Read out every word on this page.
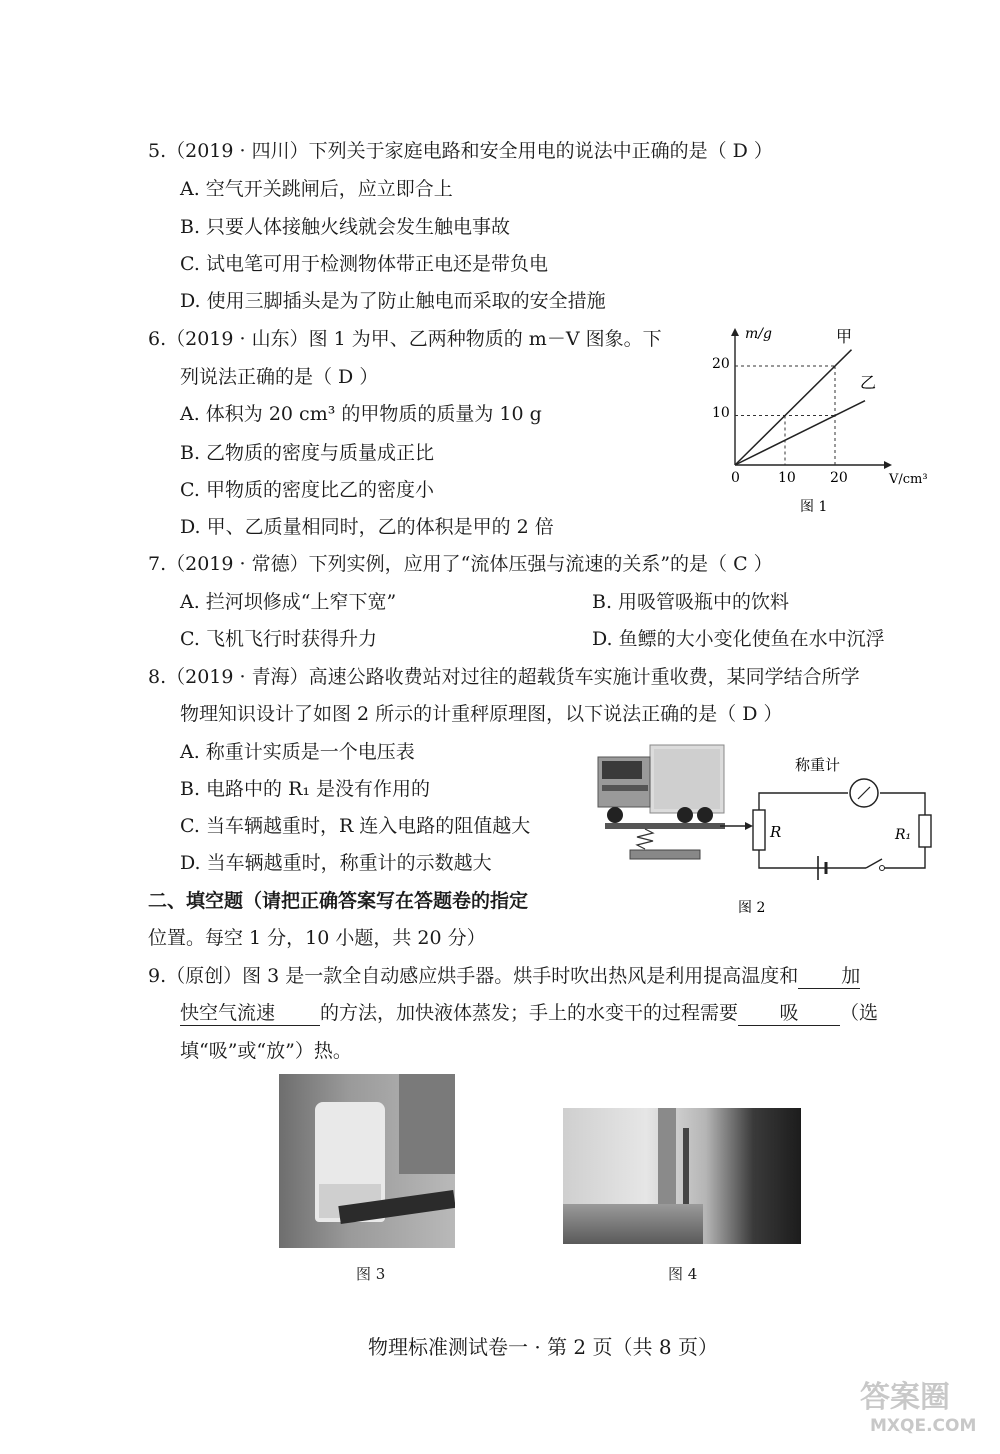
5.（2019 · 四川）下列关于家庭电路和安全用电的说法中正确的是（ D ）
A. 空气开关跳闸后，应立即合上
B. 只要人体接触火线就会发生触电事故
C. 试电笔可用于检测物体带正电还是带负电
D. 使用三脚插头是为了防止触电而采取的安全措施
6.（2019 · 山东）图 1 为甲、乙两种物质的 m－V 图象。下
列说法正确的是（ D ）
A. 体积为 20 cm³ 的甲物质的质量为 10 g
B. 乙物质的密度与质量成正比
C. 甲物质的密度比乙的密度小
D. 甲、乙质量相同时，乙的体积是甲的 2 倍
m/g
V/cm³
0	10 20
10
20
甲
乙
图 1
7.（2019 · 常德）下列实例，应用了“流体压强与流速的关系”的是（ C ）
A. 拦河坝修成“上窄下宽”	B. 用吸管吸瓶中的饮料
C. 飞机飞行时获得升力	D. 鱼鳔的大小变化使鱼在水中沉浮
8.（2019 · 青海）高速公路收费站对过往的超载货车实施计重收费，某同学结合所学
物理知识设计了如图 2 所示的计重秤原理图，以下说法正确的是（ D ）
A. 称重计实质是一个电压表
B. 电路中的 R₁ 是没有作用的
C. 当车辆越重时，R 连入电路的阻值越大
D. 当车辆越重时，称重计的示数越大
R
称重计
R₁
图 2
二、填空题（请把正确答案写在答题卷的指定
位置。每空 1 分，10 小题，共 20 分）
9.（原创）图 3 是一款全自动感应烘手器。烘手时吹出热风是利用提高温度和 加
快空气流速 的方法，加快液体蒸发；手上的水变干的过程需要 吸 （选
填“吸”或“放”）热。
图 3	图 4
物理标准测试卷一 · 第 2 页（共 8 页）
答案圈
MXQE.COM
